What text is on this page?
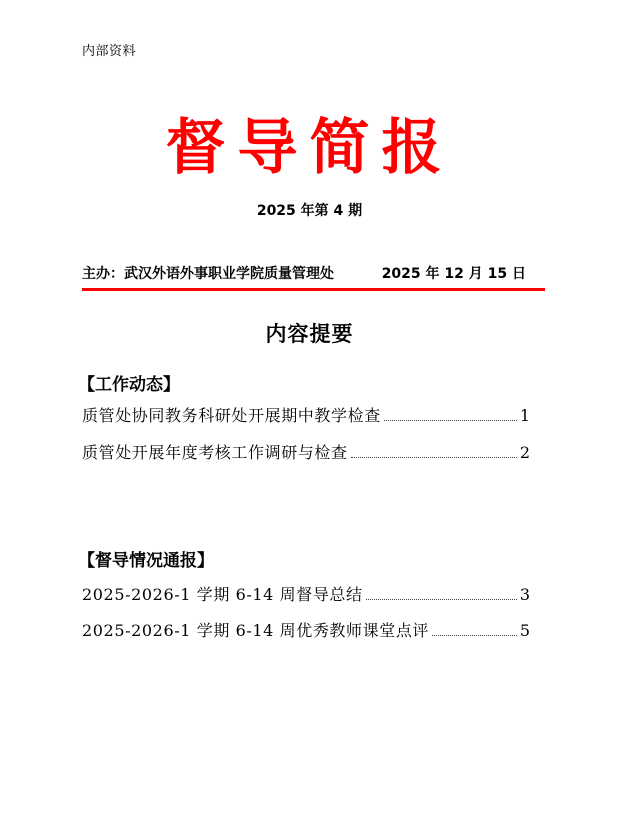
内部资料
督导简报
2025 年第 4 期
主办：武汉外语外事职业学院质量管理处	2025 年 12 月 15 日
内容提要
【工作动态】
质管处协同教务科研处开展期中教学检查	1
质管处开展年度考核工作调研与检查	2
【督导情况通报】
2025-2026-1 学期 6-14 周督导总结	3
2025-2026-1 学期 6-14 周优秀教师课堂点评	5
